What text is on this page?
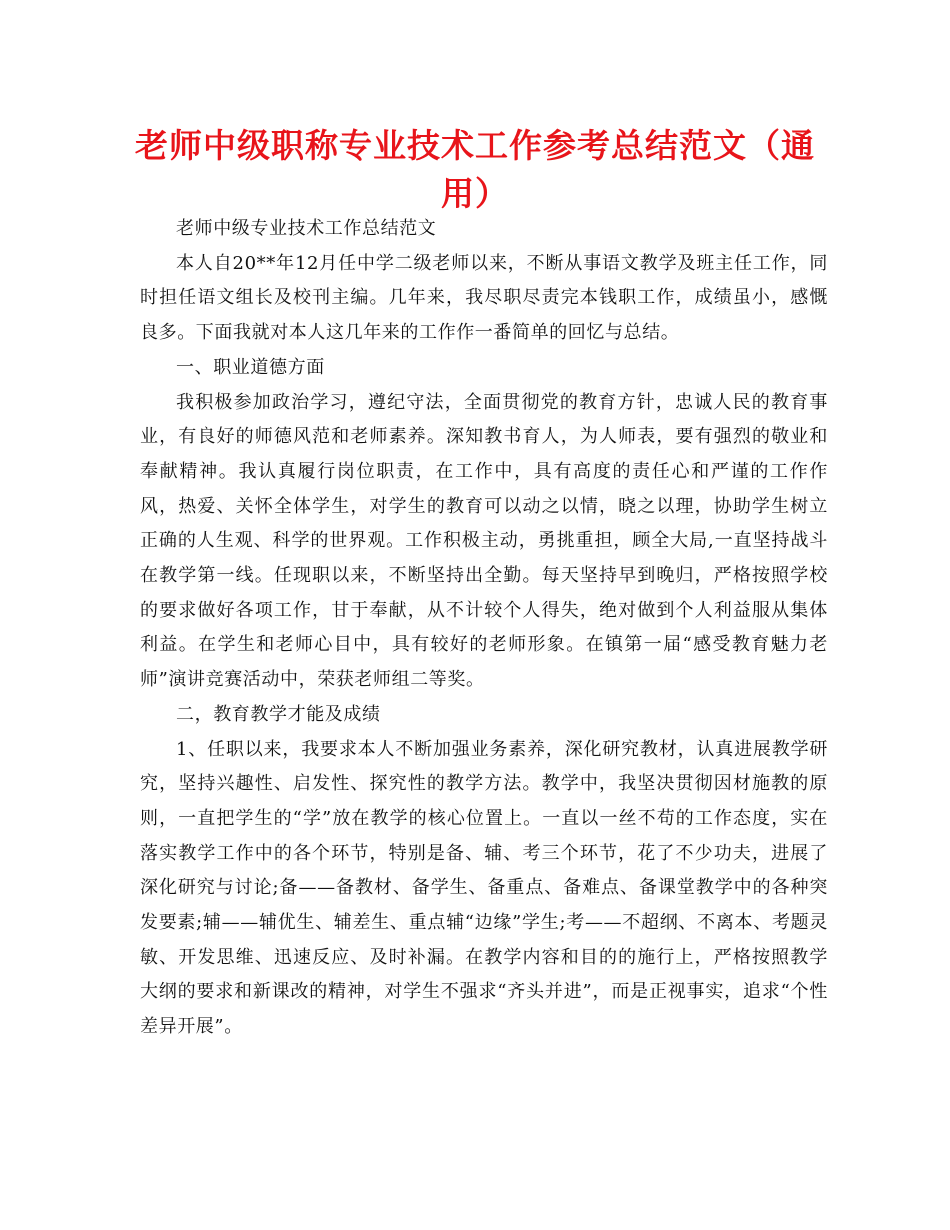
老师中级职称专业技术工作参考总结范文（通用）

老师中级专业技术工作总结范文

本人自20**年12月任中学二级老师以来，不断从事语文教学及班主任工作，同时担任语文组长及校刊主编。几年来，我尽职尽责完本钱职工作，成绩虽小，感慨良多。下面我就对本人这几年来的工作作一番简单的回忆与总结。

一、职业道德方面

我积极参加政治学习，遵纪守法，全面贯彻党的教育方针，忠诚人民的教育事业，有良好的师德风范和老师素养。深知教书育人，为人师表，要有强烈的敬业和奉献精神。我认真履行岗位职责，在工作中，具有高度的责任心和严谨的工作作风，热爱、关怀全体学生，对学生的教育可以动之以情，晓之以理，协助学生树立正确的人生观、科学的世界观。工作积极主动，勇挑重担，顾全大局,一直坚持战斗在教学第一线。任现职以来，不断坚持出全勤。每天坚持早到晚归，严格按照学校的要求做好各项工作，甘于奉献，从不计较个人得失，绝对做到个人利益服从集体利益。在学生和老师心目中，具有较好的老师形象。在镇第一届“感受教育魅力老师”演讲竞赛活动中，荣获老师组二等奖。

二，教育教学才能及成绩

1、任职以来，我要求本人不断加强业务素养，深化研究教材，认真进展教学研究，坚持兴趣性、启发性、探究性的教学方法。教学中，我坚决贯彻因材施教的原则，一直把学生的“学”放在教学的核心位置上。一直以一丝不苟的工作态度，实在落实教学工作中的各个环节，特别是备、辅、考三个环节，花了不少功夫，进展了深化研究与讨论;备——备教材、备学生、备重点、备难点、备课堂教学中的各种突发要素;辅——辅优生、辅差生、重点辅“边缘”学生;考——不超纲、不离本、考题灵敏、开发思维、迅速反应、及时补漏。在教学内容和目的的施行上，严格按照教学大纲的要求和新课改的精神，对学生不强求“齐头并进”，而是正视事实，追求“个性差异开展”。
